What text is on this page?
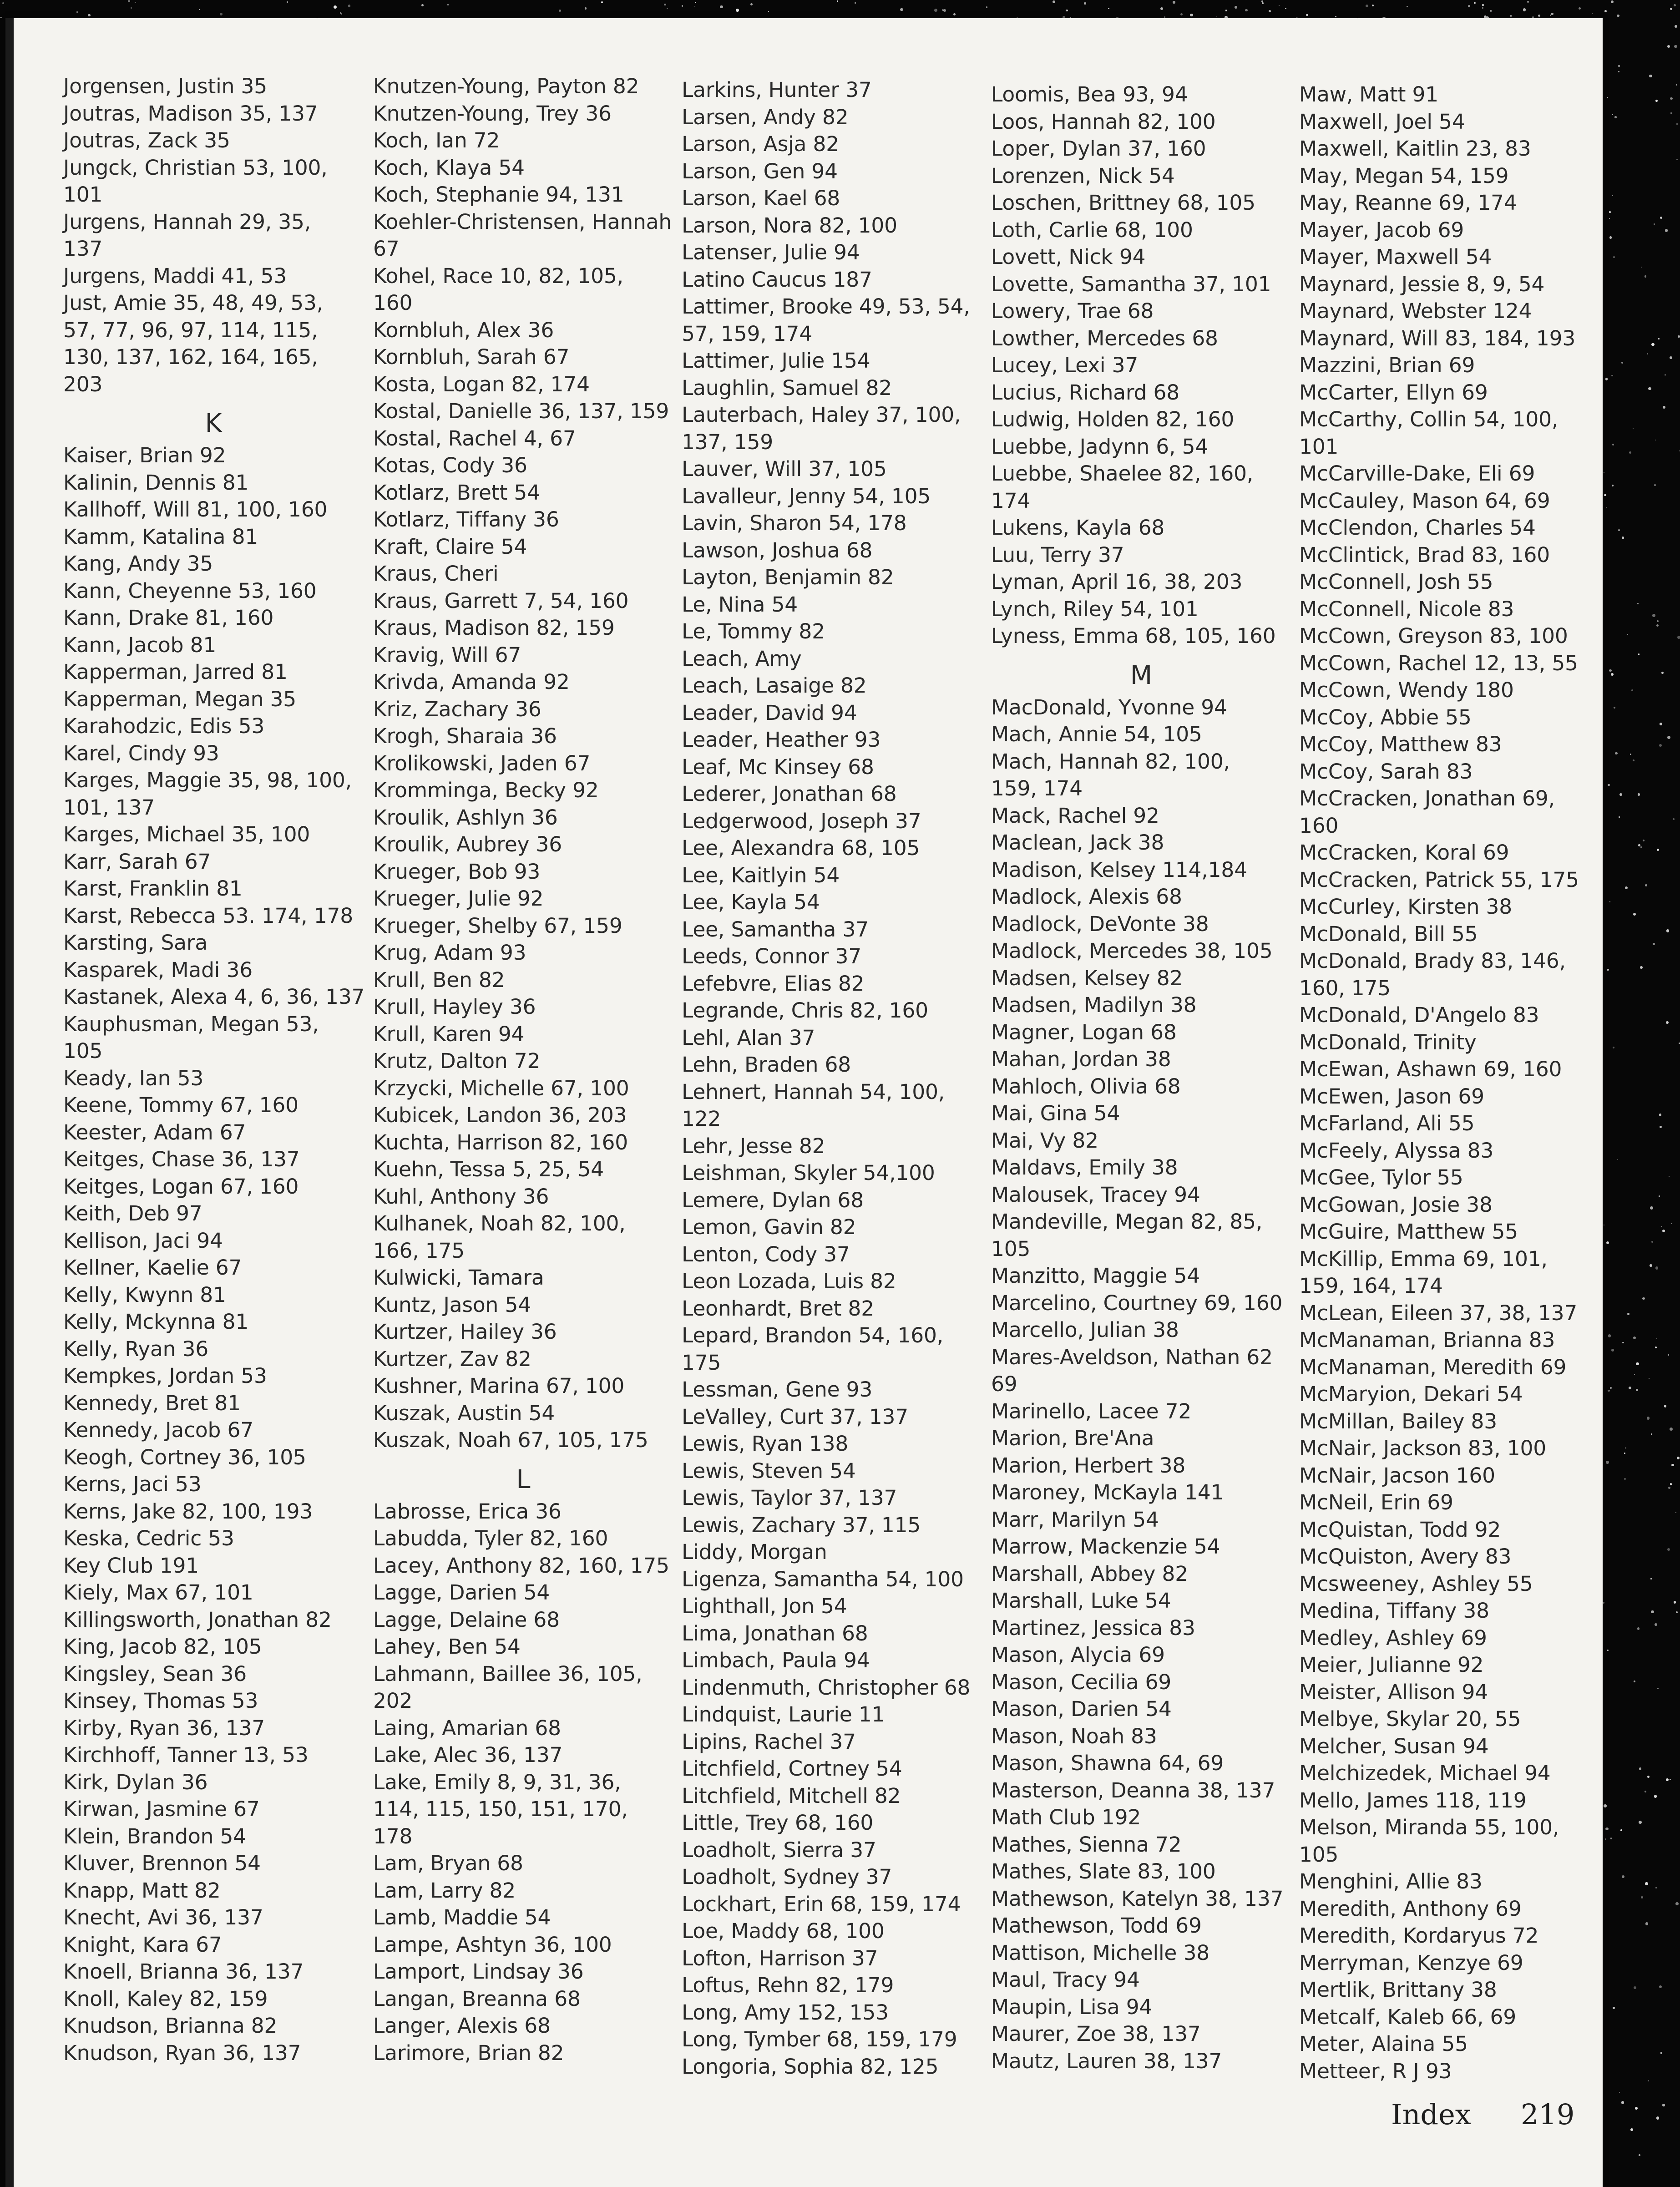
Jorgensen, Justin 35
Joutras, Madison 35, 137
Joutras, Zack 35
Jungck, Christian 53, 100,
101
Jurgens, Hannah 29, 35,
137
Jurgens, Maddi 41, 53
Just, Amie 35, 48, 49, 53,
57, 77, 96, 97, 114, 115,
130, 137, 162, 164, 165,
203
K
Kaiser, Brian 92
Kalinin, Dennis 81
Kallhoff, Will 81, 100, 160
Kamm, Katalina 81
Kang, Andy 35
Kann, Cheyenne 53, 160
Kann, Drake 81, 160
Kann, Jacob 81
Kapperman, Jarred 81
Kapperman, Megan 35
Karahodzic, Edis 53
Karel, Cindy 93
Karges, Maggie 35, 98, 100,
101, 137
Karges, Michael 35, 100
Karr, Sarah 67
Karst, Franklin 81
Karst, Rebecca 53. 174, 178
Karsting, Sara
Kasparek, Madi 36
Kastanek, Alexa 4, 6, 36, 137
Kauphusman, Megan 53,
105
Keady, Ian 53
Keene, Tommy 67, 160
Keester, Adam 67
Keitges, Chase 36, 137
Keitges, Logan 67, 160
Keith, Deb 97
Kellison, Jaci 94
Kellner, Kaelie 67
Kelly, Kwynn 81
Kelly, Mckynna 81
Kelly, Ryan 36
Kempkes, Jordan 53
Kennedy, Bret 81
Kennedy, Jacob 67
Keogh, Cortney 36, 105
Kerns, Jaci 53
Kerns, Jake 82, 100, 193
Keska, Cedric 53
Key Club 191
Kiely, Max 67, 101
Killingsworth, Jonathan 82
King, Jacob 82, 105
Kingsley, Sean 36
Kinsey, Thomas 53
Kirby, Ryan 36, 137
Kirchhoff, Tanner 13, 53
Kirk, Dylan 36
Kirwan, Jasmine 67
Klein, Brandon 54
Kluver, Brennon 54
Knapp, Matt 82
Knecht, Avi 36, 137
Knight, Kara 67
Knoell, Brianna 36, 137
Knoll, Kaley 82, 159
Knudson, Brianna 82
Knudson, Ryan 36, 137
Knutzen-Young, Payton 82
Knutzen-Young, Trey 36
Koch, Ian 72
Koch, Klaya 54
Koch, Stephanie 94, 131
Koehler-Christensen, Hannah
67
Kohel, Race 10, 82, 105,
160
Kornbluh, Alex 36
Kornbluh, Sarah 67
Kosta, Logan 82, 174
Kostal, Danielle 36, 137, 159
Kostal, Rachel 4, 67
Kotas, Cody 36
Kotlarz, Brett 54
Kotlarz, Tiffany 36
Kraft, Claire 54
Kraus, Cheri
Kraus, Garrett 7, 54, 160
Kraus, Madison 82, 159
Kravig, Will 67
Krivda, Amanda 92
Kriz, Zachary 36
Krogh, Sharaia 36
Krolikowski, Jaden 67
Kromminga, Becky 92
Kroulik, Ashlyn 36
Kroulik, Aubrey 36
Krueger, Bob 93
Krueger, Julie 92
Krueger, Shelby 67, 159
Krug, Adam 93
Krull, Ben 82
Krull, Hayley 36
Krull, Karen 94
Krutz, Dalton 72
Krzycki, Michelle 67, 100
Kubicek, Landon 36, 203
Kuchta, Harrison 82, 160
Kuehn, Tessa 5, 25, 54
Kuhl, Anthony 36
Kulhanek, Noah 82, 100,
166, 175
Kulwicki, Tamara
Kuntz, Jason 54
Kurtzer, Hailey 36
Kurtzer, Zav 82
Kushner, Marina 67, 100
Kuszak, Austin 54
Kuszak, Noah 67, 105, 175
L
Labrosse, Erica 36
Labudda, Tyler 82, 160
Lacey, Anthony 82, 160, 175
Lagge, Darien 54
Lagge, Delaine 68
Lahey, Ben 54
Lahmann, Baillee 36, 105,
202
Laing, Amarian 68
Lake, Alec 36, 137
Lake, Emily 8, 9, 31, 36,
114, 115, 150, 151, 170,
178
Lam, Bryan 68
Lam, Larry 82
Lamb, Maddie 54
Lampe, Ashtyn 36, 100
Lamport, Lindsay 36
Langan, Breanna 68
Langer, Alexis 68
Larimore, Brian 82
Larkins, Hunter 37
Larsen, Andy 82
Larson, Asja 82
Larson, Gen 94
Larson, Kael 68
Larson, Nora 82, 100
Latenser, Julie 94
Latino Caucus 187
Lattimer, Brooke 49, 53, 54,
57, 159, 174
Lattimer, Julie 154
Laughlin, Samuel 82
Lauterbach, Haley 37, 100,
137, 159
Lauver, Will 37, 105
Lavalleur, Jenny 54, 105
Lavin, Sharon 54, 178
Lawson, Joshua 68
Layton, Benjamin 82
Le, Nina 54
Le, Tommy 82
Leach, Amy
Leach, Lasaige 82
Leader, David 94
Leader, Heather 93
Leaf, Mc Kinsey 68
Lederer, Jonathan 68
Ledgerwood, Joseph 37
Lee, Alexandra 68, 105
Lee, Kaitlyin 54
Lee, Kayla 54
Lee, Samantha 37
Leeds, Connor 37
Lefebvre, Elias 82
Legrande, Chris 82, 160
Lehl, Alan 37
Lehn, Braden 68
Lehnert, Hannah 54, 100,
122
Lehr, Jesse 82
Leishman, Skyler 54,100
Lemere, Dylan 68
Lemon, Gavin 82
Lenton, Cody 37
Leon Lozada, Luis 82
Leonhardt, Bret 82
Lepard, Brandon 54, 160,
175
Lessman, Gene 93
LeValley, Curt 37, 137
Lewis, Ryan 138
Lewis, Steven 54
Lewis, Taylor 37, 137
Lewis, Zachary 37, 115
Liddy, Morgan
Ligenza, Samantha 54, 100
Lighthall, Jon 54
Lima, Jonathan 68
Limbach, Paula 94
Lindenmuth, Christopher 68
Lindquist, Laurie 11
Lipins, Rachel 37
Litchfield, Cortney 54
Litchfield, Mitchell 82
Little, Trey 68, 160
Loadholt, Sierra 37
Loadholt, Sydney 37
Lockhart, Erin 68, 159, 174
Loe, Maddy 68, 100
Lofton, Harrison 37
Loftus, Rehn 82, 179
Long, Amy 152, 153
Long, Tymber 68, 159, 179
Longoria, Sophia 82, 125
Loomis, Bea 93, 94
Loos, Hannah 82, 100
Loper, Dylan 37, 160
Lorenzen, Nick 54
Loschen, Brittney 68, 105
Loth, Carlie 68, 100
Lovett, Nick 94
Lovette, Samantha 37, 101
Lowery, Trae 68
Lowther, Mercedes 68
Lucey, Lexi 37
Lucius, Richard 68
Ludwig, Holden 82, 160
Luebbe, Jadynn 6, 54
Luebbe, Shaelee 82, 160,
174
Lukens, Kayla 68
Luu, Terry 37
Lyman, April 16, 38, 203
Lynch, Riley 54, 101
Lyness, Emma 68, 105, 160
M
MacDonald, Yvonne 94
Mach, Annie 54, 105
Mach, Hannah 82, 100,
159, 174
Mack, Rachel 92
Maclean, Jack 38
Madison, Kelsey 114,184
Madlock, Alexis 68
Madlock, DeVonte 38
Madlock, Mercedes 38, 105
Madsen, Kelsey 82
Madsen, Madilyn 38
Magner, Logan 68
Mahan, Jordan 38
Mahloch, Olivia 68
Mai, Gina 54
Mai, Vy 82
Maldavs, Emily 38
Malousek, Tracey 94
Mandeville, Megan 82, 85,
105
Manzitto, Maggie 54
Marcelino, Courtney 69, 160
Marcello, Julian 38
Mares-Aveldson, Nathan 62
69
Marinello, Lacee 72
Marion, Bre'Ana
Marion, Herbert 38
Maroney, McKayla 141
Marr, Marilyn 54
Marrow, Mackenzie 54
Marshall, Abbey 82
Marshall, Luke 54
Martinez, Jessica 83
Mason, Alycia 69
Mason, Cecilia 69
Mason, Darien 54
Mason, Noah 83
Mason, Shawna 64, 69
Masterson, Deanna 38, 137
Math Club 192
Mathes, Sienna 72
Mathes, Slate 83, 100
Mathewson, Katelyn 38, 137
Mathewson, Todd 69
Mattison, Michelle 38
Maul, Tracy 94
Maupin, Lisa 94
Maurer, Zoe 38, 137
Mautz, Lauren 38, 137
Maw, Matt 91
Maxwell, Joel 54
Maxwell, Kaitlin 23, 83
May, Megan 54, 159
May, Reanne 69, 174
Mayer, Jacob 69
Mayer, Maxwell 54
Maynard, Jessie 8, 9, 54
Maynard, Webster 124
Maynard, Will 83, 184, 193
Mazzini, Brian 69
McCarter, Ellyn 69
McCarthy, Collin 54, 100,
101
McCarville-Dake, Eli 69
McCauley, Mason 64, 69
McClendon, Charles 54
McClintick, Brad 83, 160
McConnell, Josh 55
McConnell, Nicole 83
McCown, Greyson 83, 100
McCown, Rachel 12, 13, 55
McCown, Wendy 180
McCoy, Abbie 55
McCoy, Matthew 83
McCoy, Sarah 83
McCracken, Jonathan 69,
160
McCracken, Koral 69
McCracken, Patrick 55, 175
McCurley, Kirsten 38
McDonald, Bill 55
McDonald, Brady 83, 146,
160, 175
McDonald, D'Angelo 83
McDonald, Trinity
McEwan, Ashawn 69, 160
McEwen, Jason 69
McFarland, Ali 55
McFeely, Alyssa 83
McGee, Tylor 55
McGowan, Josie 38
McGuire, Matthew 55
McKillip, Emma 69, 101,
159, 164, 174
McLean, Eileen 37, 38, 137
McManaman, Brianna 83
McManaman, Meredith 69
McMaryion, Dekari 54
McMillan, Bailey 83
McNair, Jackson 83, 100
McNair, Jacson 160
McNeil, Erin 69
McQuistan, Todd 92
McQuiston, Avery 83
Mcsweeney, Ashley 55
Medina, Tiffany 38
Medley, Ashley 69
Meier, Julianne 92
Meister, Allison 94
Melbye, Skylar 20, 55
Melcher, Susan 94
Melchizedek, Michael 94
Mello, James 118, 119
Melson, Miranda 55, 100,
105
Menghini, Allie 83
Meredith, Anthony 69
Meredith, Kordaryus 72
Merryman, Kenzye 69
Mertlik, Brittany 38
Metcalf, Kaleb 66, 69
Meter, Alaina 55
Metteer, R J 93
Index 219
